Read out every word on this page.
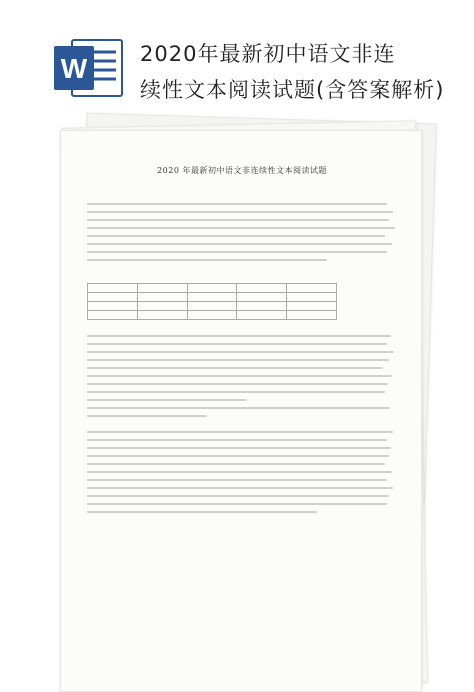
W	2020年最新初中语文非连
续性文本阅读试题(含答案解析)
2020 年最新初中语文非连续性文本阅读试题
